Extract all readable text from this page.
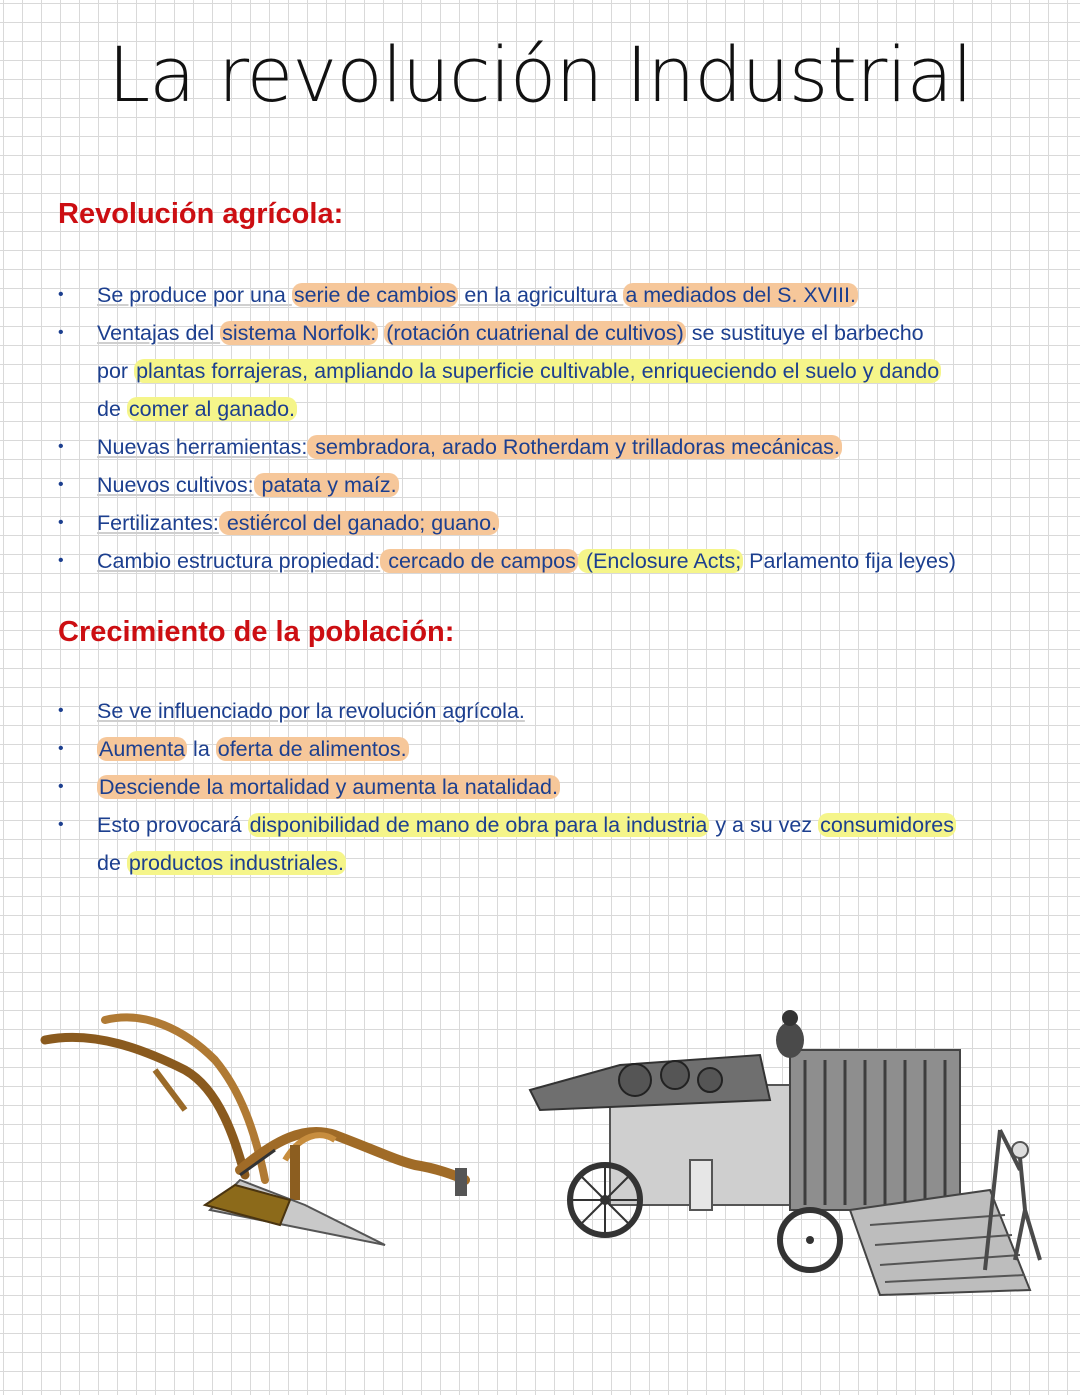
La revolución Industrial
Revolución agrícola:
• Se produce por una serie de cambios en la agricultura a mediados del S. XVIII.
• Ventajas del sistema Norfolk: (rotación cuatrienal de cultivos) se sustituye el barbecho
por plantas forrajeras, ampliando la superficie cultivable, enriqueciendo el suelo y dando
de comer al ganado.
• Nuevas herramientas: sembradora, arado Rotherdam y trilladoras mecánicas.
• Nuevos cultivos: patata y maíz.
• Fertilizantes: estiércol del ganado; guano.
• Cambio estructura propiedad: cercado de campos (Enclosure Acts; Parlamento fija leyes)
Crecimiento de la población:
• Se ve influenciado por la revolución agrícola.
• Aumenta la oferta de alimentos.
• Desciende la mortalidad y aumenta la natalidad.
• Esto provocará disponibilidad de mano de obra para la industria y a su vez consumidores
de productos industriales.
